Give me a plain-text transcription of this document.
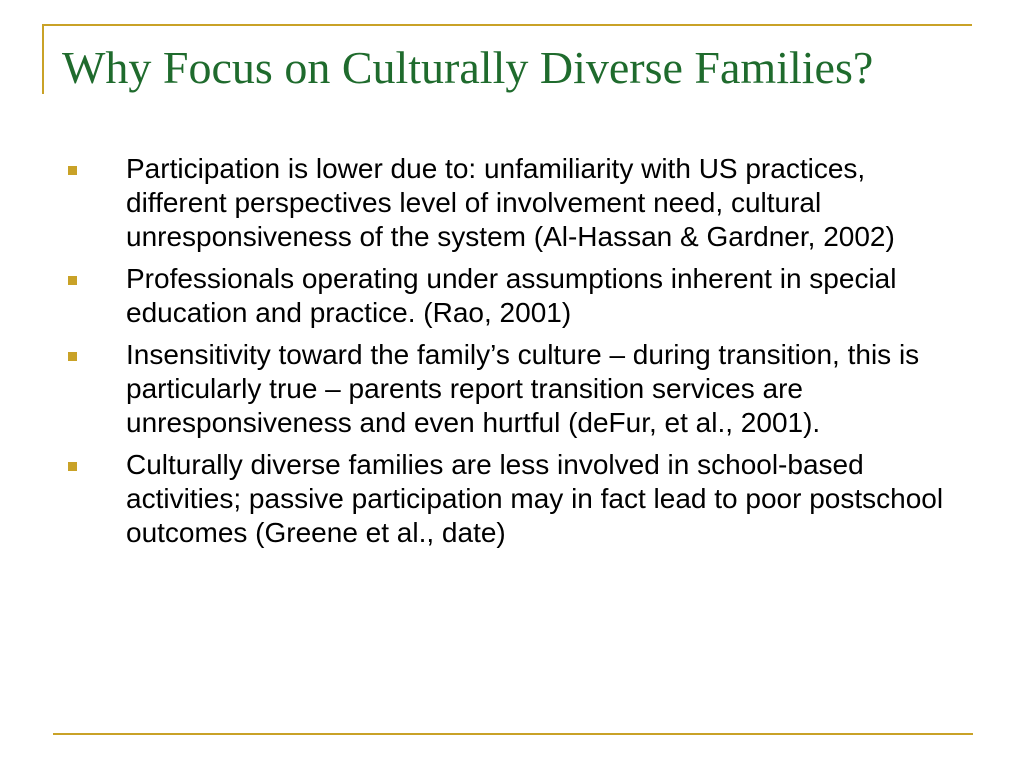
Why Focus on Culturally Diverse Families?
Participation is lower due to: unfamiliarity with US practices, different perspectives level of involvement need, cultural unresponsiveness of the system (Al-Hassan & Gardner, 2002)
Professionals operating under assumptions inherent in special education and practice. (Rao, 2001)
Insensitivity toward the family’s culture – during transition, this is particularly true – parents report transition services are unresponsiveness and even hurtful (deFur, et al., 2001).
Culturally diverse families are less involved in school-based activities; passive participation may in fact lead to poor postschool outcomes (Greene et al., date)
